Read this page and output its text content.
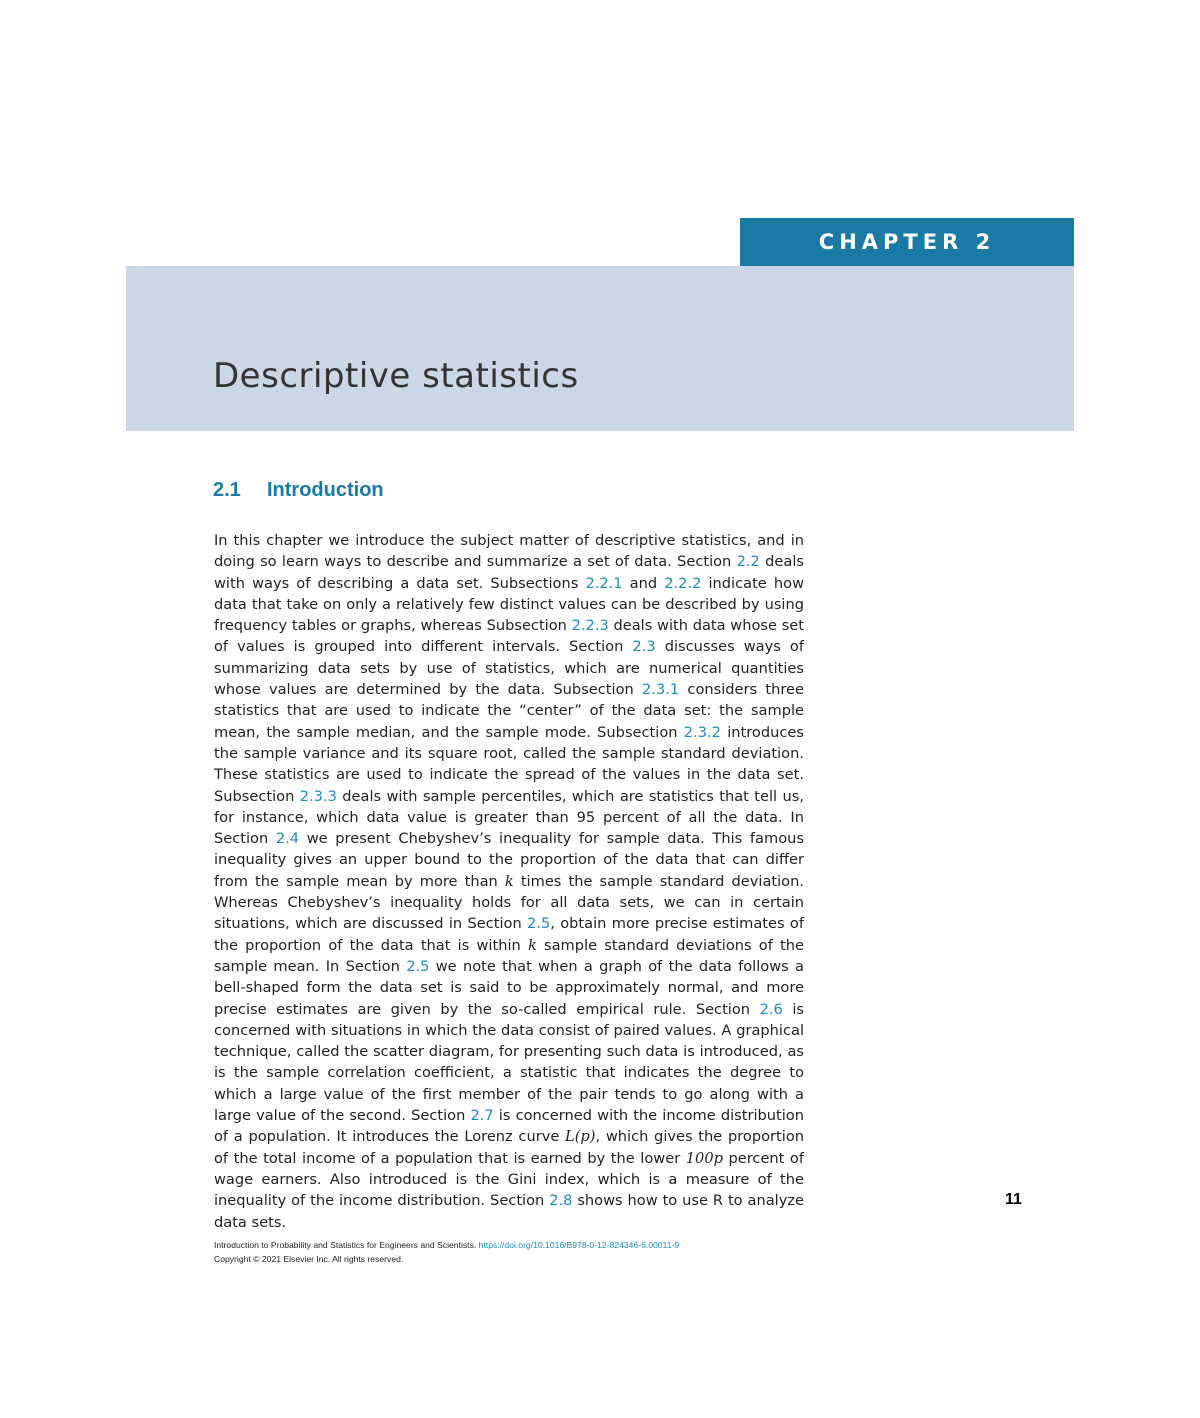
CHAPTER 2
Descriptive statistics
2.1 Introduction

In this chapter we introduce the subject matter of descriptive statistics, and in doing so learn ways to describe and summarize a set of data. Section 2.2 deals with ways of describing a data set. Subsections 2.2.1 and 2.2.2 indicate how data that take on only a relatively few distinct values can be described by using frequency tables or graphs, whereas Subsection 2.2.3 deals with data whose set of values is grouped into different intervals. Section 2.3 discusses ways of summarizing data sets by use of statistics, which are numerical quantities whose values are determined by the data. Subsection 2.3.1 considers three statistics that are used to indicate the “center” of the data set: the sample mean, the sample median, and the sample mode. Subsection 2.3.2 introduces the sample variance and its square root, called the sample standard deviation. These statistics are used to indicate the spread of the values in the data set. Subsection 2.3.3 deals with sample percentiles, which are statistics that tell us, for instance, which data value is greater than 95 percent of all the data. In Section 2.4 we present Chebyshev’s inequality for sample data. This famous inequality gives an upper bound to the proportion of the data that can differ from the sample mean by more than k times the sample standard deviation. Whereas Chebyshev’s inequality holds for all data sets, we can in certain situations, which are discussed in Section 2.5, obtain more precise estimates of the proportion of the data that is within k sample standard deviations of the sample mean. In Section 2.5 we note that when a graph of the data follows a bell-shaped form the data set is said to be approximately normal, and more precise estimates are given by the so-called empirical rule. Section 2.6 is concerned with situations in which the data consist of paired values. A graphical technique, called the scatter diagram, for presenting such data is introduced, as is the sample correlation coefficient, a statistic that indicates the degree to which a large value of the first member of the pair tends to go along with a large value of the second. Section 2.7 is concerned with the income distribution of a population. It introduces the Lorenz curve L(p), which gives the proportion of the total income of a population that is earned by the lower 100p percent of wage earners. Also introduced is the Gini index, which is a measure of the inequality of the income distribution. Section 2.8 shows how to use R to analyze data sets.

11
Introduction to Probability and Statistics for Engineers and Scientists. https://doi.org/10.1016/B978-0-12-824346-6.00011-9
Copyright © 2021 Elsevier Inc. All rights reserved.
